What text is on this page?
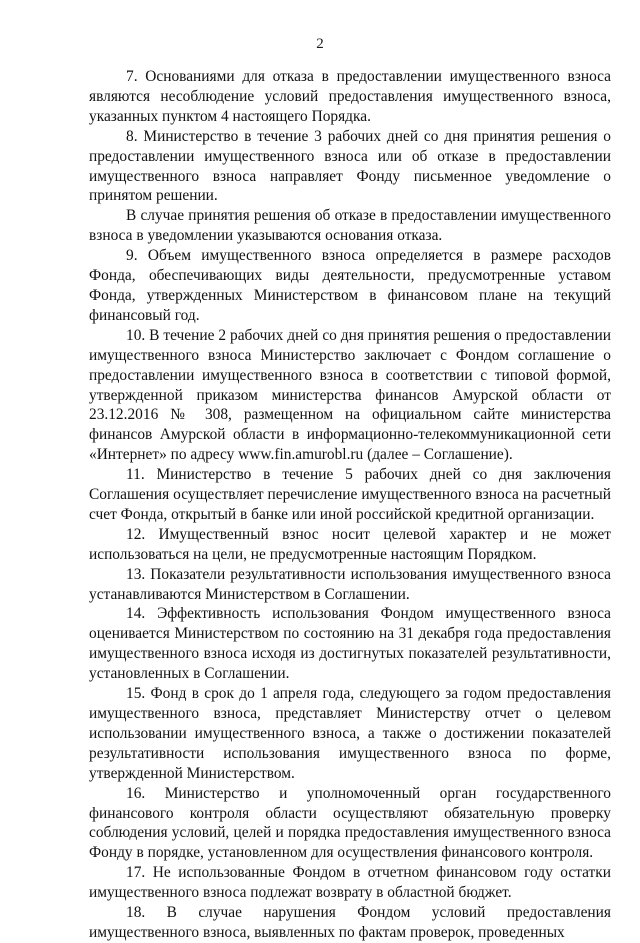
2

7. Основаниями для отказа в предоставлении имущественного взноса являются несоблюдение условий предоставления имущественного взноса, указанных пунктом 4 настоящего Порядка.

8. Министерство в течение 3 рабочих дней со дня принятия решения о предоставлении имущественного взноса или об отказе в предоставлении имущественного взноса направляет Фонду письменное уведомление о принятом решении.

В случае принятия решения об отказе в предоставлении имущественного взноса в уведомлении указываются основания отказа.

9. Объем имущественного взноса определяется в размере расходов Фонда, обеспечивающих виды деятельности, предусмотренные уставом Фонда, утвержденных Министерством в финансовом плане на текущий финансовый год.

10. В течение 2 рабочих дней со дня принятия решения о предоставлении имущественного взноса Министерство заключает с Фондом соглашение о предоставлении имущественного взноса в соответствии с типовой формой, утвержденной приказом министерства финансов Амурской области от 23.12.2016 № 308, размещенном на официальном сайте министерства финансов Амурской области в информационно-телекоммуникационной сети «Интернет» по адресу www.fin.amurobl.ru (далее – Соглашение).

11. Министерство в течение 5 рабочих дней со дня заключения Соглашения осуществляет перечисление имущественного взноса на расчетный счет Фонда, открытый в банке или иной российской кредитной организации.

12. Имущественный взнос носит целевой характер и не может использоваться на цели, не предусмотренные настоящим Порядком.

13. Показатели результативности использования имущественного взноса устанавливаются Министерством в Соглашении.

14. Эффективность использования Фондом имущественного взноса оценивается Министерством по состоянию на 31 декабря года предоставления имущественного взноса исходя из достигнутых показателей результативности, установленных в Соглашении.

15. Фонд в срок до 1 апреля года, следующего за годом предоставления имущественного взноса, представляет Министерству отчет о целевом использовании имущественного взноса, а также о достижении показателей результативности использования имущественного взноса по форме, утвержденной Министерством.

16. Министерство и уполномоченный орган государственного финансового контроля области осуществляют обязательную проверку соблюдения условий, целей и порядка предоставления имущественного взноса Фонду в порядке, установленном для осуществления финансового контроля.

17. Не использованные Фондом в отчетном финансовом году остатки имущественного взноса подлежат возврату в областной бюджет.

18. В случае нарушения Фондом условий предоставления имущественного взноса, выявленных по фактам проверок, проведенных
